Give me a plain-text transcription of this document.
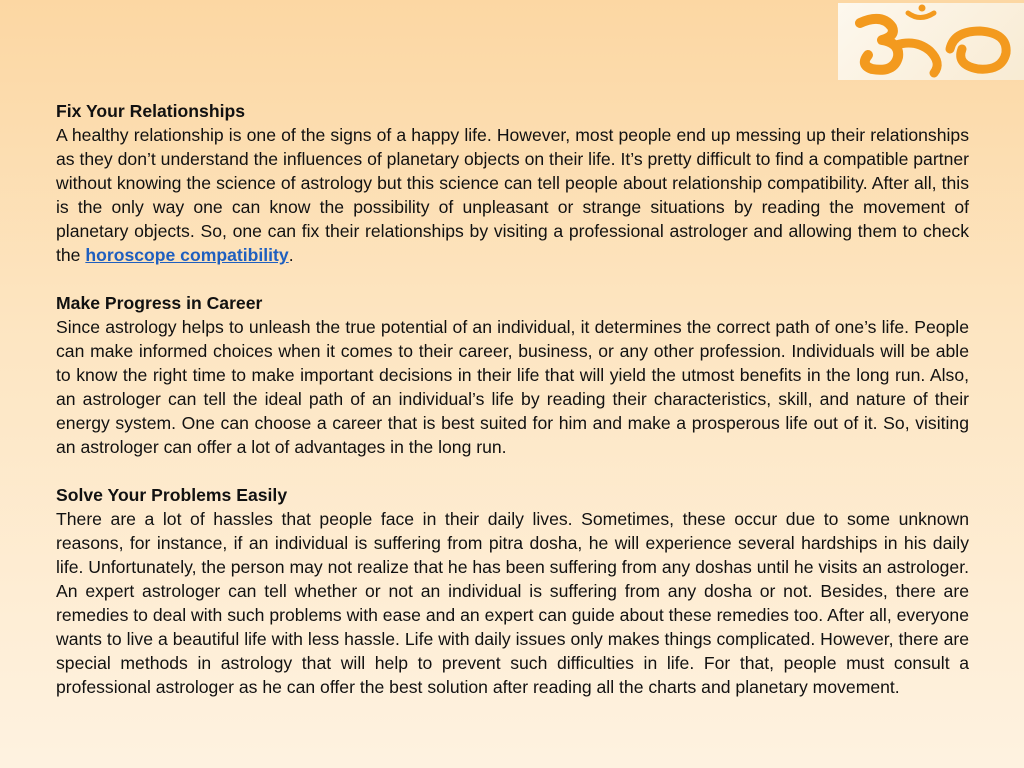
Fix Your Relationships

A healthy relationship is one of the signs of a happy life. However, most people end up messing up their relationships as they don’t understand the influences of planetary objects on their life. It’s pretty difficult to find a compatible partner without knowing the science of astrology but this science can tell people about relationship compatibility. After all, this is the only way one can know the possibility of unpleasant or strange situations by reading the movement of planetary objects. So, one can fix their relationships by visiting a professional astrologer and allowing them to check the horoscope compatibility.

Make Progress in Career

Since astrology helps to unleash the true potential of an individual, it determines the correct path of one’s life. People can make informed choices when it comes to their career, business, or any other profession. Individuals will be able to know the right time to make important decisions in their life that will yield the utmost benefits in the long run. Also, an astrologer can tell the ideal path of an individual’s life by reading their characteristics, skill, and nature of their energy system. One can choose a career that is best suited for him and make a prosperous life out of it. So, visiting an astrologer can offer a lot of advantages in the long run.

Solve Your Problems Easily

There are a lot of hassles that people face in their daily lives. Sometimes, these occur due to some unknown reasons, for instance, if an individual is suffering from pitra dosha, he will experience several hardships in his daily life. Unfortunately, the person may not realize that he has been suffering from any doshas until he visits an astrologer. An expert astrologer can tell whether or not an individual is suffering from any dosha or not. Besides, there are remedies to deal with such problems with ease and an expert can guide about these remedies too. After all, everyone wants to live a beautiful life with less hassle. Life with daily issues only makes things complicated. However, there are special methods in astrology that will help to prevent such difficulties in life. For that, people must consult a professional astrologer as he can offer the best solution after reading all the charts and planetary movement.
